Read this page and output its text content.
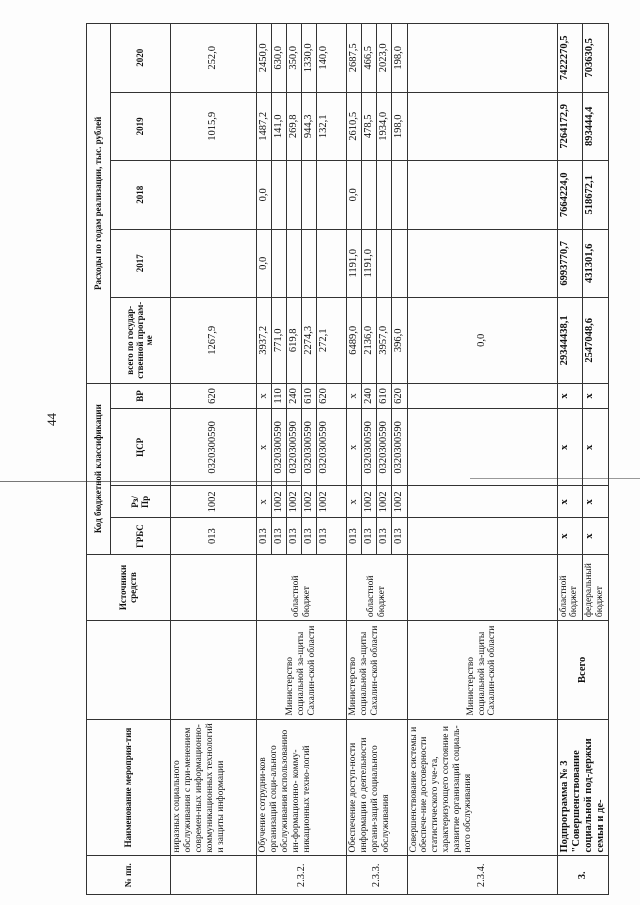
44
№ пп.	Наименование мероприя-тия		Источники средств	Код бюджетной классификации				Расходы по годам реализации, тыс. рублей				
				ГРБС	Рз/ Пр	ЦСР	ВР	всего по государ-ственной програм-ме	2017	2018	2019	2020
	ниразных социального обслуживания с при-менением современ-ных информационно-коммуникационных технологий и защиты информации			013	1002	0320300590	620	1267,9			1015,9	252,0
2.3.2.	Обучение сотрудни-ков организаций соци-ального обслуживания использованию ин-формационно- комму-никационных техно-логий	Министерство социальной за-щиты Сахалин-ской области	областной бюджет	013	х	х	х	3937,2	0,0	0,0	1487,2	2450,0
				013	1002	0320300590	110	771,0			141,0	630,0
				013	1002	0320300590	240	619,8			269,8	350,0
				013	1002	0320300590	610	2274,3			944,3	1330,0
				013	1002	0320300590	620	272,1			132,1	140,0
2.3.3.	Обеспечение доступ-ности информации о деятельности органи-заций социального обслуживания	Министерство социальной за-щиты Сахалин-ской области	областной бюджет	013	х	х	х	6489,0	1191,0	0,0	2610,5	2687,5
				013	1002	0320300590	240	2136,0	1191,0		478,5	466,5
				013	1002	0320300590	610	3957,0			1934,0	2023,0
				013	1002	0320300590	620	396,0			198,0	198,0
2.3.4.	Совершенствование системы и обеспече-ние достоверности статистического уче-та, характеризующего состояние и развитие организаций социаль-ного обслуживания	Министерство социальной за-щиты Сахалин-ской области						0,0				
3.	Подпрограмма № 3 "Совершенствование социальной под-держки семьи и де-	Всего	областной бюджет	х	х	х	х	29344438,1	6993770,7	7664224,0	7264172,9	7422270,5
			федеральный бюджет	х	х	х	х	2547048,6	431301,6	518672,1	893444,4	703630,5
